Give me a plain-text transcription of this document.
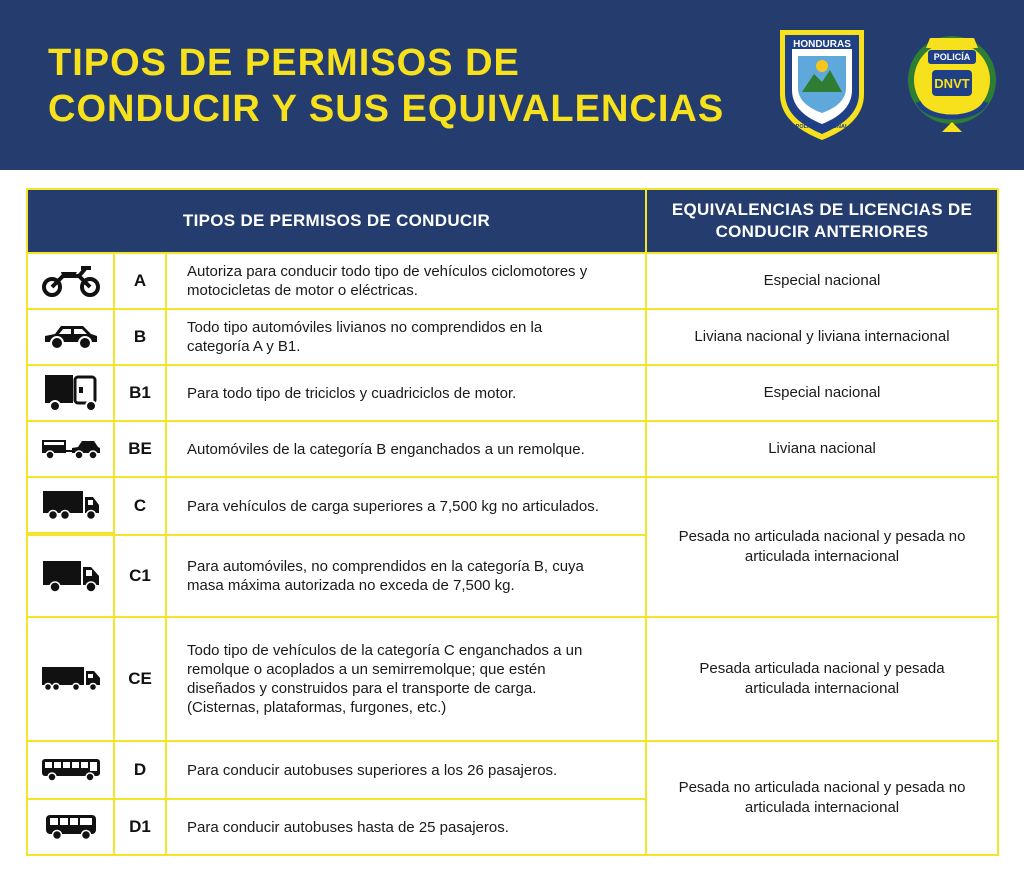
TIPOS DE PERMISOS DE
CONDUCIR Y SUS EQUIVALENCIAS
HONDURAS
POLICÍA NACIONAL
POLICÍA
DNVT
TIPOS DE PERMISOS DE CONDUCIR
EQUIVALENCIAS DE LICENCIAS DE CONDUCIR ANTERIORES
A	Autoriza para conducir todo tipo de vehículos ciclomotores y motocicletas de motor o eléctricas.
Especial nacional
B	Todo tipo automóviles livianos no comprendidos en la categoría A y B1.
Liviana nacional y liviana internacional
B1 Para todo tipo de triciclos y cuadriciclos de motor.	Especial nacional
BE Automóviles de la categoría B enganchados a un remolque.	Liviana nacional
C	Para vehículos de carga superiores a 7,500 kg no articulados.
C1 Para automóviles, no comprendidos en la categoría B, cuya masa máxima autorizada no exceda de 7,500 kg.
Pesada no articulada nacional y pesada no articulada internacional
CE
Todo tipo de vehículos de la categoría C enganchados a un remolque o acoplados a un semirremolque; que estén diseñados y construidos para el transporte de carga. (Cisternas, plataformas, furgones, etc.)
Pesada articulada nacional y pesada articulada internacional
D	Para conducir autobuses superiores a los 26 pasajeros.
D1 Para conducir autobuses hasta de 25 pasajeros.
Pesada no articulada nacional y pesada no articulada internacional
